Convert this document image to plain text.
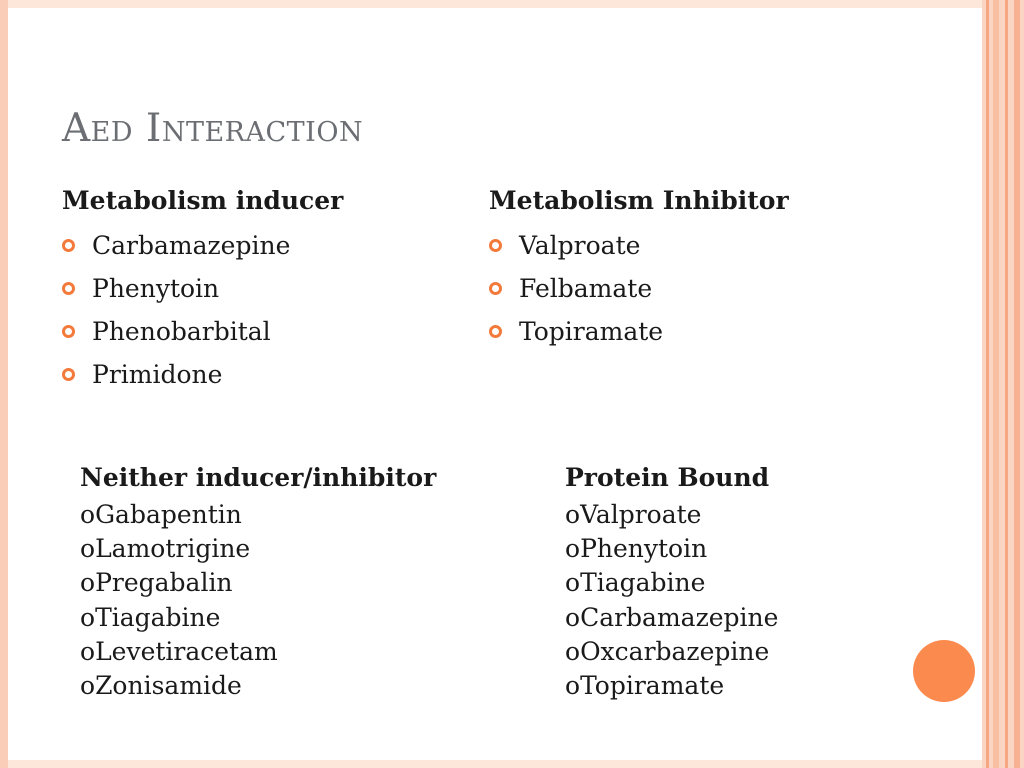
Aed Interaction
Metabolism inducer
Carbamazepine
Phenytoin
Phenobarbital
Primidone
Metabolism Inhibitor
Valproate
Felbamate
Topiramate
Neither inducer/inhibitor
oGabapentin
oLamotrigine
oPregabalin
oTiagabine
oLevetiracetam
oZonisamide
Protein Bound
oValproate
oPhenytoin
oTiagabine
oCarbamazepine
oOxcarbazepine
oTopiramate
